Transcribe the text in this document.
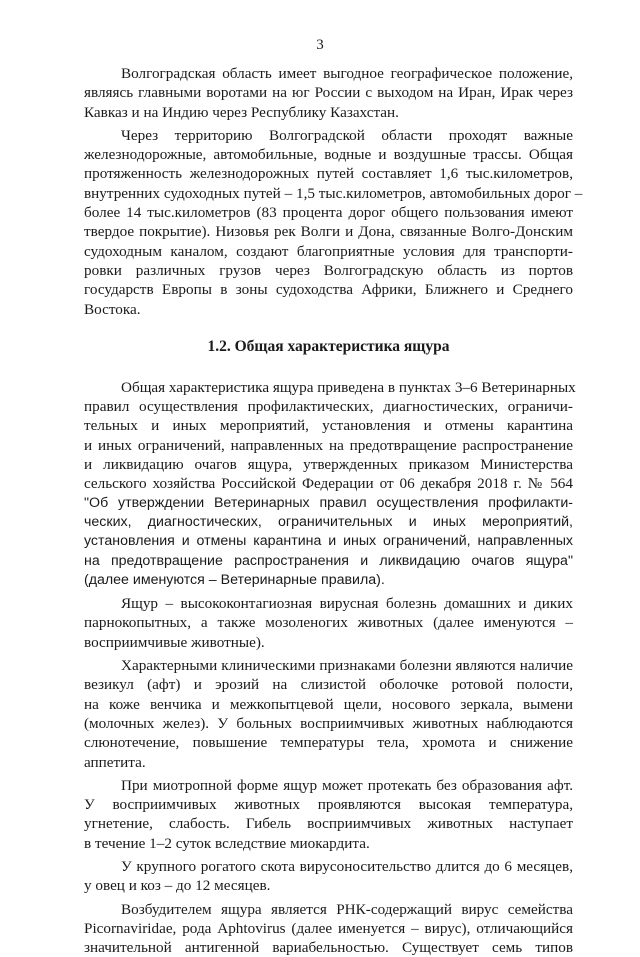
3

Волгоградская область имеет выгодное географическое положение,
являясь главными воротами на юг России с выходом на Иран, Ирак через
Кавказ и на Индию через Республику Казахстан.

Через территорию Волгоградской области проходят важные
железнодорожные, автомобильные, водные и воздушные трассы. Общая
протяженность железнодорожных путей составляет 1,6 тыс.километров,
внутренних судоходных путей – 1,5 тыс.километров, автомобильных дорог –
более 14 тыс.километров (83 процента дорог общего пользования имеют
твердое покрытие). Низовья рек Волги и Дона, связанные Волго-Донским
судоходным каналом, создают благоприятные условия для транспорти-
ровки различных грузов через Волгоградскую область из портов
государств Европы в зоны судоходства Африки, Ближнего и Среднего
Востока.

1.2. Общая характеристика ящура

Общая характеристика ящура приведена в пунктах 3–6 Ветеринарных
правил осуществления профилактических, диагностических, ограничи-
тельных и иных мероприятий, установления и отмены карантина
и иных ограничений, направленных на предотвращение распространение
и ликвидацию очагов ящура, утвержденных приказом Министерства
сельского хозяйства Российской Федерации от 06 декабря 2018 г. № 564
"Об утверждении Ветеринарных правил осуществления профилакти-
ческих, диагностических, ограничительных и иных мероприятий,
установления и отмены карантина и иных ограничений, направленных
на предотвращение распространения и ликвидацию очагов ящура"
(далее именуются – Ветеринарные правила).

Ящур – высококонтагиозная вирусная болезнь домашних и диких
парнокопытных, а также мозоленогих животных (далее именуются –
восприимчивые животные).

Характерными клиническими признаками болезни являются наличие
везикул (афт) и эрозий на слизистой оболочке ротовой полости,
на коже венчика и межкопытцевой щели, носового зеркала, вымени
(молочных желез). У больных восприимчивых животных наблюдаются
слюнотечение, повышение температуры тела, хромота и снижение
аппетита.

При миотропной форме ящур может протекать без образования афт.
У восприимчивых животных проявляются высокая температура,
угнетение, слабость. Гибель восприимчивых животных наступает
в течение 1–2 суток вследствие миокардита.

У крупного рогатого скота вирусоносительство длится до 6 месяцев,
у овец и коз – до 12 месяцев.

Возбудителем ящура является РНК-содержащий вирус семейства
Picornaviridae, рода Aphtovirus (далее именуется – вирус), отличающийся
значительной антигенной вариабельностью. Существует семь типов
